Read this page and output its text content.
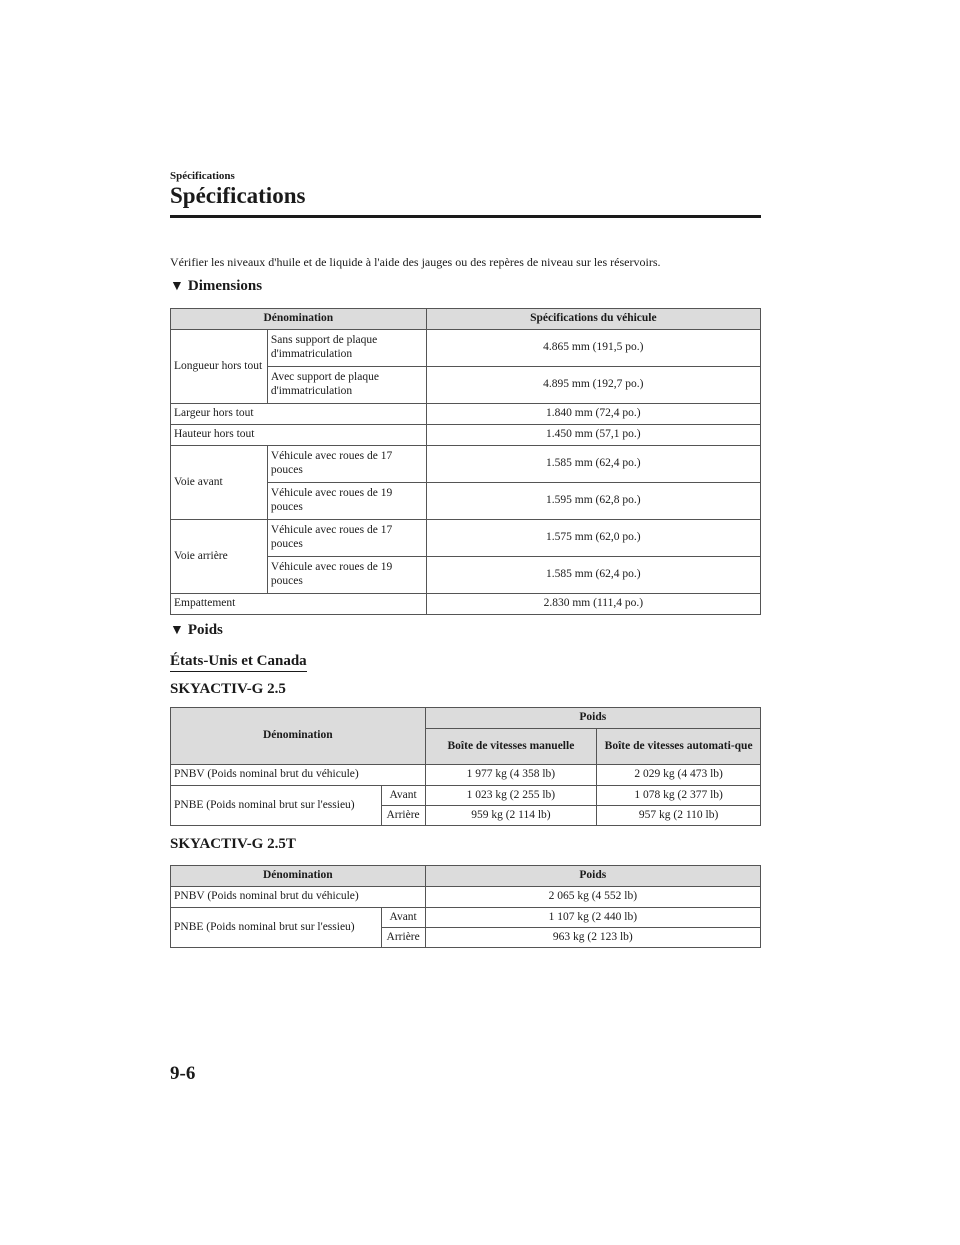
Spécifications
Spécifications
Vérifier les niveaux d'huile et de liquide à l'aide des jauges ou des repères de niveau sur les réservoirs.
▼ Dimensions
Dénomination		Spécifications du véhicule
Longueur hors tout	Sans support de plaque d'immatriculation	4.865 mm (191,5 po.)
	Avec support de plaque d'immatriculation	4.895 mm (192,7 po.)
Largeur hors tout		1.840 mm (72,4 po.)
Hauteur hors tout		1.450 mm (57,1 po.)
Voie avant	Véhicule avec roues de 17 pouces	1.585 mm (62,4 po.)
	Véhicule avec roues de 19 pouces	1.595 mm (62,8 po.)
Voie arrière	Véhicule avec roues de 17 pouces	1.575 mm (62,0 po.)
	Véhicule avec roues de 19 pouces	1.585 mm (62,4 po.)
Empattement		2.830 mm (111,4 po.)
▼ Poids
États-Unis et Canada
SKYACTIV-G 2.5
Dénomination		Poids	
		Boîte de vitesses manuelle	Boîte de vitesses automati-que
PNBV (Poids nominal brut du véhicule)		1 977 kg (4 358 lb)	2 029 kg (4 473 lb)
PNBE (Poids nominal brut sur l'essieu)	Avant	1 023 kg (2 255 lb)	1 078 kg (2 377 lb)
	Arrière	959 kg (2 114 lb)	957 kg (2 110 lb)
SKYACTIV-G 2.5T
Dénomination		Poids
PNBV (Poids nominal brut du véhicule)		2 065 kg (4 552 lb)
PNBE (Poids nominal brut sur l'essieu)	Avant	1 107 kg (2 440 lb)
	Arrière	963 kg (2 123 lb)
9-6
